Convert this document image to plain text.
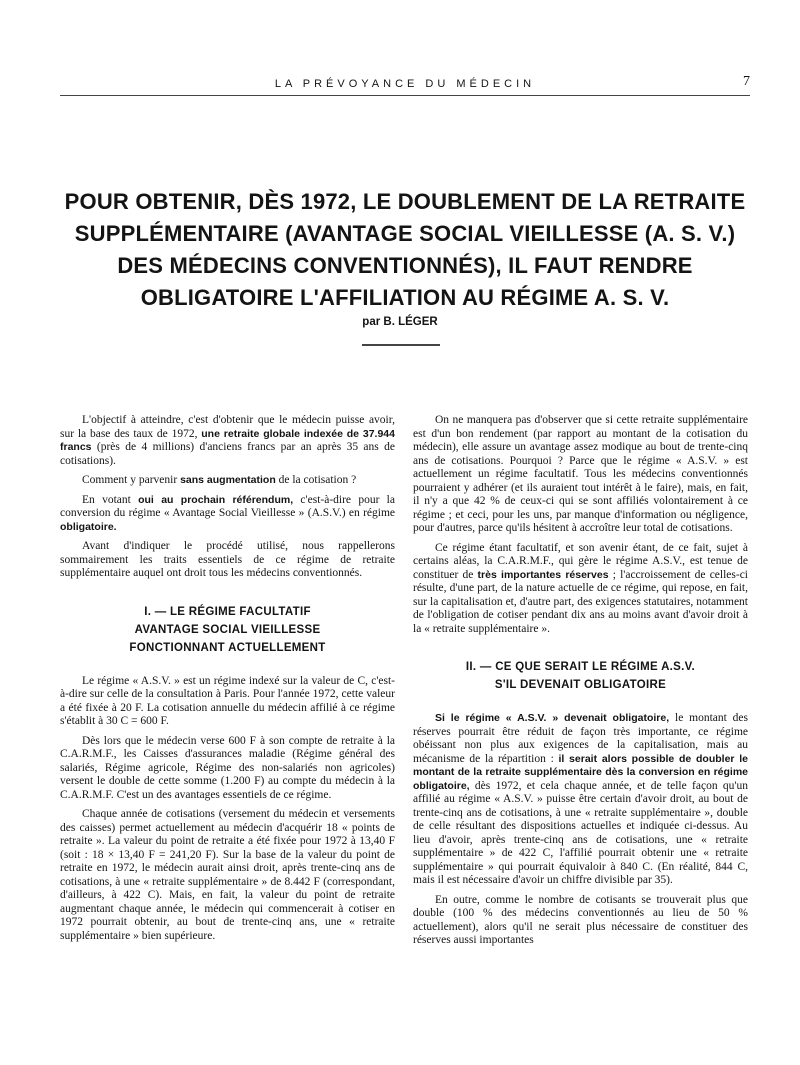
LA PRÉVOYANCE DU MÉDECIN	7
POUR OBTENIR, DÈS 1972, LE DOUBLEMENT DE LA RETRAITE
SUPPLÉMENTAIRE (AVANTAGE SOCIAL VIEILLESSE (A. S. V.)
DES MÉDECINS CONVENTIONNÉS), IL FAUT RENDRE
OBLIGATOIRE L'AFFILIATION AU RÉGIME A. S. V.
par B. LÉGER

L'objectif à atteindre, c'est d'obtenir que le médecin puisse avoir, sur la base des taux de 1972, une retraite globale indexée de 37.944 francs (près de 4 millions) d'anciens francs par an après 35 ans de cotisations).

Comment y parvenir sans augmentation de la cotisation ?

En votant oui au prochain référendum, c'est-à-dire pour la conversion du régime « Avantage Social Vieillesse » (A.S.V.) en régime obligatoire.

Avant d'indiquer le procédé utilisé, nous rappellerons sommairement les traits essentiels de ce régime de retraite supplémentaire auquel ont droit tous les médecins conventionnés.

I. — LE RÉGIME FACULTATIF
AVANTAGE SOCIAL VIEILLESSE
FONCTIONNANT ACTUELLEMENT

Le régime « A.S.V. » est un régime indexé sur la valeur de C, c'est-à-dire sur celle de la consultation à Paris. Pour l'année 1972, cette valeur a été fixée à 20 F. La cotisation annuelle du médecin affilié à ce régime s'établit à 30 C = 600 F.

Dès lors que le médecin verse 600 F à son compte de retraite à la C.A.R.M.F., les Caisses d'assurances maladie (Régime général des salariés, Régime agricole, Régime des non-salariés non agricoles) versent le double de cette somme (1.200 F) au compte du médecin à la C.A.R.M.F. C'est un des avantages essentiels de ce régime.

Chaque année de cotisations (versement du médecin et versements des caisses) permet actuellement au médecin d'acquérir 18 « points de retraite ». La valeur du point de retraite a été fixée pour 1972 à 13,40 F (soit : 18 × 13,40 F = 241,20 F). Sur la base de la valeur du point de retraite en 1972, le médecin aurait ainsi droit, après trente-cinq ans de cotisations, à une « retraite supplémentaire » de 8.442 F (correspondant, d'ailleurs, à 422 C). Mais, en fait, la valeur du point de retraite augmentant chaque année, le médecin qui commencerait à cotiser en 1972 pourrait obtenir, au bout de trente-cinq ans, une « retraite supplémentaire » bien supérieure.

On ne manquera pas d'observer que si cette retraite supplémentaire est d'un bon rendement (par rapport au montant de la cotisation du médecin), elle assure un avantage assez modique au bout de trente-cinq ans de cotisations. Pourquoi ? Parce que le régime « A.S.V. » est actuellement un régime facultatif. Tous les médecins conventionnés pourraient y adhérer (et ils auraient tout intérêt à le faire), mais, en fait, il n'y a que 42 % de ceux-ci qui se sont affiliés volontairement à ce régime ; et ceci, pour les uns, par manque d'information ou négligence, pour d'autres, parce qu'ils hésitent à accroître leur total de cotisations.

Ce régime étant facultatif, et son avenir étant, de ce fait, sujet à certains aléas, la C.A.R.M.F., qui gère le régime A.S.V., est tenue de constituer de très importantes réserves ; l'accroissement de celles-ci résulte, d'une part, de la nature actuelle de ce régime, qui repose, en fait, sur la capitalisation et, d'autre part, des exigences statutaires, notamment de l'obligation de cotiser pendant dix ans au moins avant d'avoir droit à la « retraite supplémentaire ».

II. — CE QUE SERAIT LE RÉGIME A.S.V.
S'IL DEVENAIT OBLIGATOIRE

Si le régime « A.S.V. » devenait obligatoire, le montant des réserves pourrait être réduit de façon très importante, ce régime obéissant non plus aux exigences de la capitalisation, mais au mécanisme de la répartition : il serait alors possible de doubler le montant de la retraite supplémentaire dès la conversion en régime obligatoire, dès 1972, et cela chaque année, et de telle façon qu'un affilié au régime « A.S.V. » puisse être certain d'avoir droit, au bout de trente-cinq ans de cotisations, à une « retraite supplémentaire », double de celle résultant des dispositions actuelles et indiquée ci-dessus. Au lieu d'avoir, après trente-cinq ans de cotisations, une « retraite supplémentaire » de 422 C, l'affilié pourrait obtenir une « retraite supplémentaire » qui pourrait équivaloir à 840 C. (En réalité, 844 C, mais il est nécessaire d'avoir un chiffre divisible par 35).

En outre, comme le nombre de cotisants se trouverait plus que double (100 % des médecins conventionnés au lieu de 50 % actuellement), alors qu'il ne serait plus nécessaire de constituer des réserves aussi importantes
